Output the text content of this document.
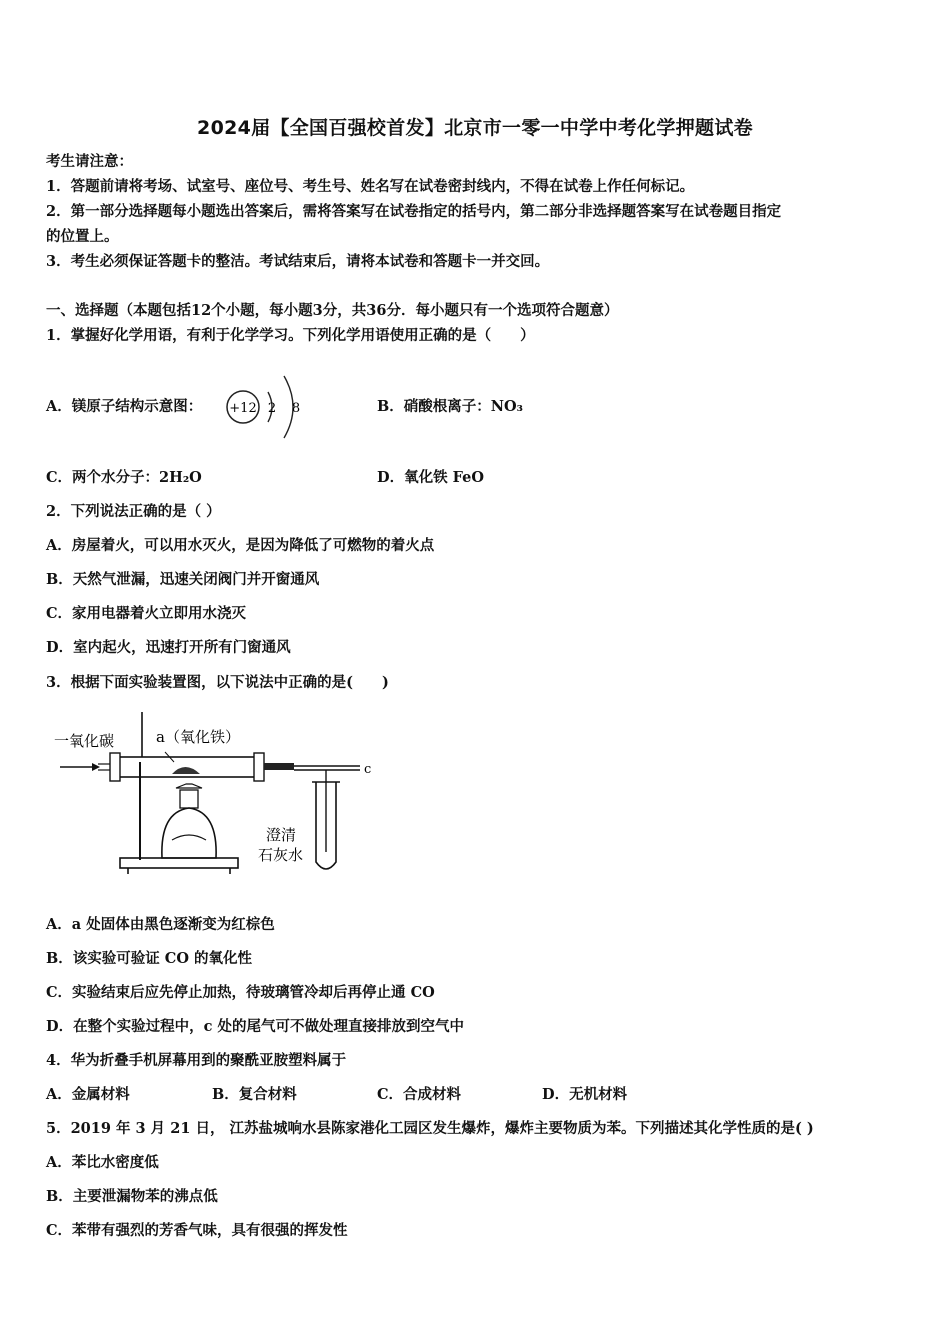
2024届【全国百强校首发】北京市一零一中学中考化学押题试卷
考生请注意：
1．答题前请将考场、试室号、座位号、考生号、姓名写在试卷密封线内，不得在试卷上作任何标记。
2．第一部分选择题每小题选出答案后，需将答案写在试卷指定的括号内，第二部分非选择题答案写在试卷题目指定
的位置上。
3．考生必须保证答题卡的整洁。考试结束后，请将本试卷和答题卡一并交回。
一、选择题（本题包括12个小题，每小题3分，共36分．每小题只有一个选项符合题意）
1．掌握好化学用语，有利于化学学习。下列化学用语使用正确的是（　　）
A．镁原子结构示意图： +12 2 8	B．硝酸根离子：NO₃
C．两个水分子：2H₂O	D．氧化铁 FeO
2．下列说法正确的是（ ）
A．房屋着火，可以用水灭火，是因为降低了可燃物的着火点
B．天然气泄漏，迅速关闭阀门并开窗通风
C．家用电器着火立即用水浇灭
D．室内起火，迅速打开所有门窗通风
3．根据下面实验装置图，以下说法中正确的是(　　)
一氧化碳	a（氧化铁）
c
澄清
石灰水
A．a 处固体由黑色逐渐变为红棕色
B．该实验可验证 CO 的氧化性
C．实验结束后应先停止加热，待玻璃管冷却后再停止通 CO
D．在整个实验过程中，c 处的尾气可不做处理直接排放到空气中
4．华为折叠手机屏幕用到的聚酰亚胺塑料属于
A．金属材料	B．复合材料	C．合成材料	D．无机材料
5．2019 年 3 月 21 日， 江苏盐城响水县陈家港化工园区发生爆炸，爆炸主要物质为苯。下列描述其化学性质的是( )
A．苯比水密度低
B．主要泄漏物苯的沸点低
C．苯带有强烈的芳香气味，具有很强的挥发性
